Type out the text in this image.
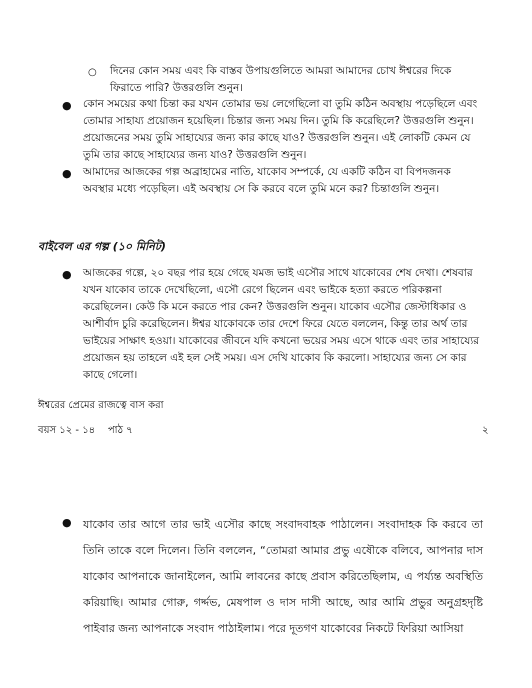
○ দিনের কোন সময় এবং কি বাস্তব উপায়গুলিতে আমরা আমাদের চোখ ঈশ্বরের দিকে ফিরাতে পারি? উত্তরগুলি শুনুন।

● কোন সময়ের কথা চিন্তা কর যখন তোমার ভয় লেগেছিলো বা তুমি কঠিন অবস্থায় পড়েছিলে এবং তোমার সাহায্য প্রয়োজন হয়েছিল। চিন্তার জন্য সময় দিন। তুমি কি করেছিলে? উত্তরগুলি শুনুন। প্রয়োজনের সময় তুমি সাহায্যের জন্য কার কাছে যাও? উত্তরগুলি শুনুন। এই লোকটি কেমন যে তুমি তার কাছে সাহায্যের জন্য যাও? উত্তরগুলি শুনুন।

● আমাদের আজকের গল্প অব্রাহামের নাতি, যাকোব সম্পর্কে, যে একটি কঠিন বা বিপদজনক অবস্থার মধ্যে পড়েছিল। এই অবস্থায় সে কি করবে বলে তুমি মনে কর? চিন্তাগুলি শুনুন।

বাইবেল এর গল্প (১০ মিনিট)

● আজকের গল্পে, ২০ বছর পার হয়ে গেছে যমজ ভাই এসৌর সাথে যাকোবের শেষ দেখা। শেষবার যখন যাকোব তাকে দেখেছিলো, এসৌ রেগে ছিলেন এবং ভাইকে হত্যা করতে পরিকল্পনা করেছিলেন। কেউ কি মনে করতে পার কেন? উত্তরগুলি শুনুন। যাকোব এসৌর জেস্টাধিকার ও আশীর্বাদ চুরি করেছিলেন। ঈশ্বর যাকোবকে তার দেশে ফিরে যেতে বললেন, কিন্তু তার অর্থ তার ভাইয়ের সাক্ষাৎ হওয়া। যাকোবের জীবনে যদি কখনো ভয়ের সময় এসে থাকে এবং তার সাহায্যের প্রয়োজন হয় তাহলে এই হল সেই সময়। এস দেখি যাকোব কি করলো। সাহায্যের জন্য সে কার কাছে গেলো।

ঈশ্বরের প্রেমের রাজত্বে বাস করা

বয়স ১২ - ১৪    পাঠ ৭	২

● যাকোব তার আগে তার ভাই এসৌর কাছে সংবাদবাহক পাঠালেন। সংবাদাহক কি করবে তা তিনি তাকে বলে দিলেন। তিনি বললেন, “তোমরা আমার প্রভু এষৌকে বলিবে, আপনার দাস যাকোব আপনাকে জানাইলেন, আমি লাবনের কাছে প্রবাস করিতেছিলাম, এ পর্য্যন্ত অবস্থিতি করিয়াছি। আমার গোরু, গর্দ্দভ, মেষপাল ও দাস দাসী আছে, আর আমি প্রভুর অনুগ্রহদৃষ্টি পাইবার জন্য আপনাকে সংবাদ পাঠাইলাম। পরে দূতগণ যাকোবের নিকটে ফিরিয়া আসিয়া
